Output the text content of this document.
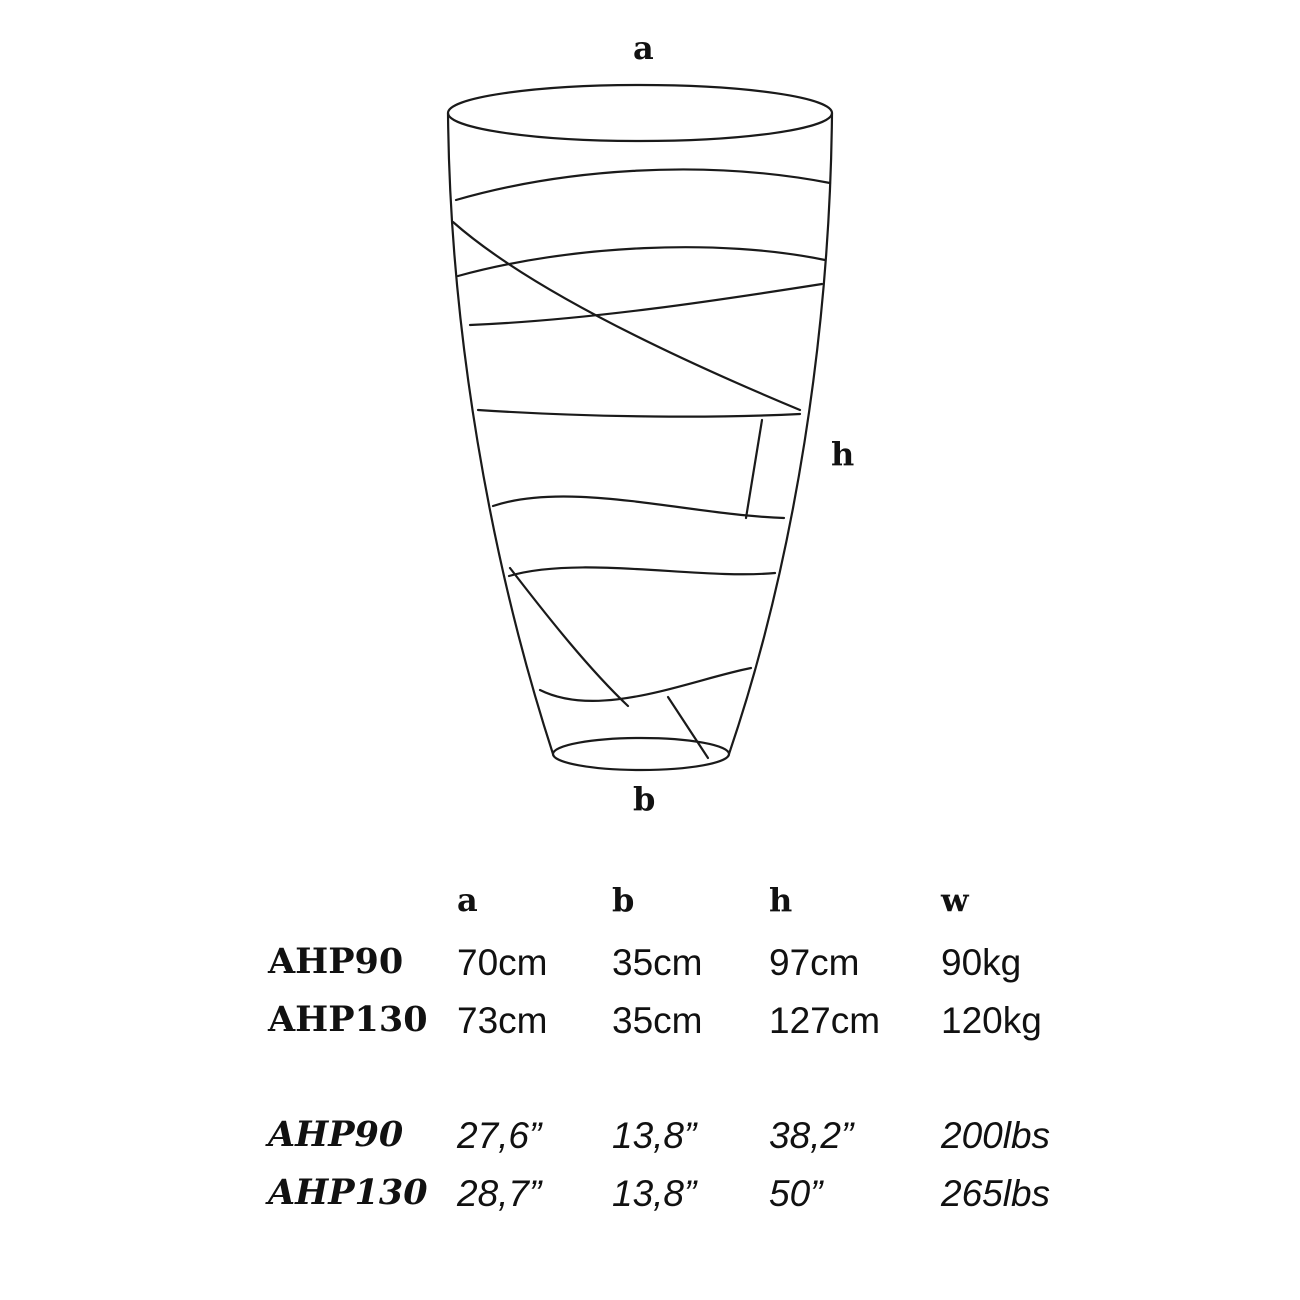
a
h
b
a	b	h	w
AHP90 70cm 35cm 97cm 90kg
AHP130 73cm 35cm 127cm 120kg
AHP90 27,6” 13,8” 38,2” 200lbs
AHP130 28,7” 13,8” 50”	265lbs
